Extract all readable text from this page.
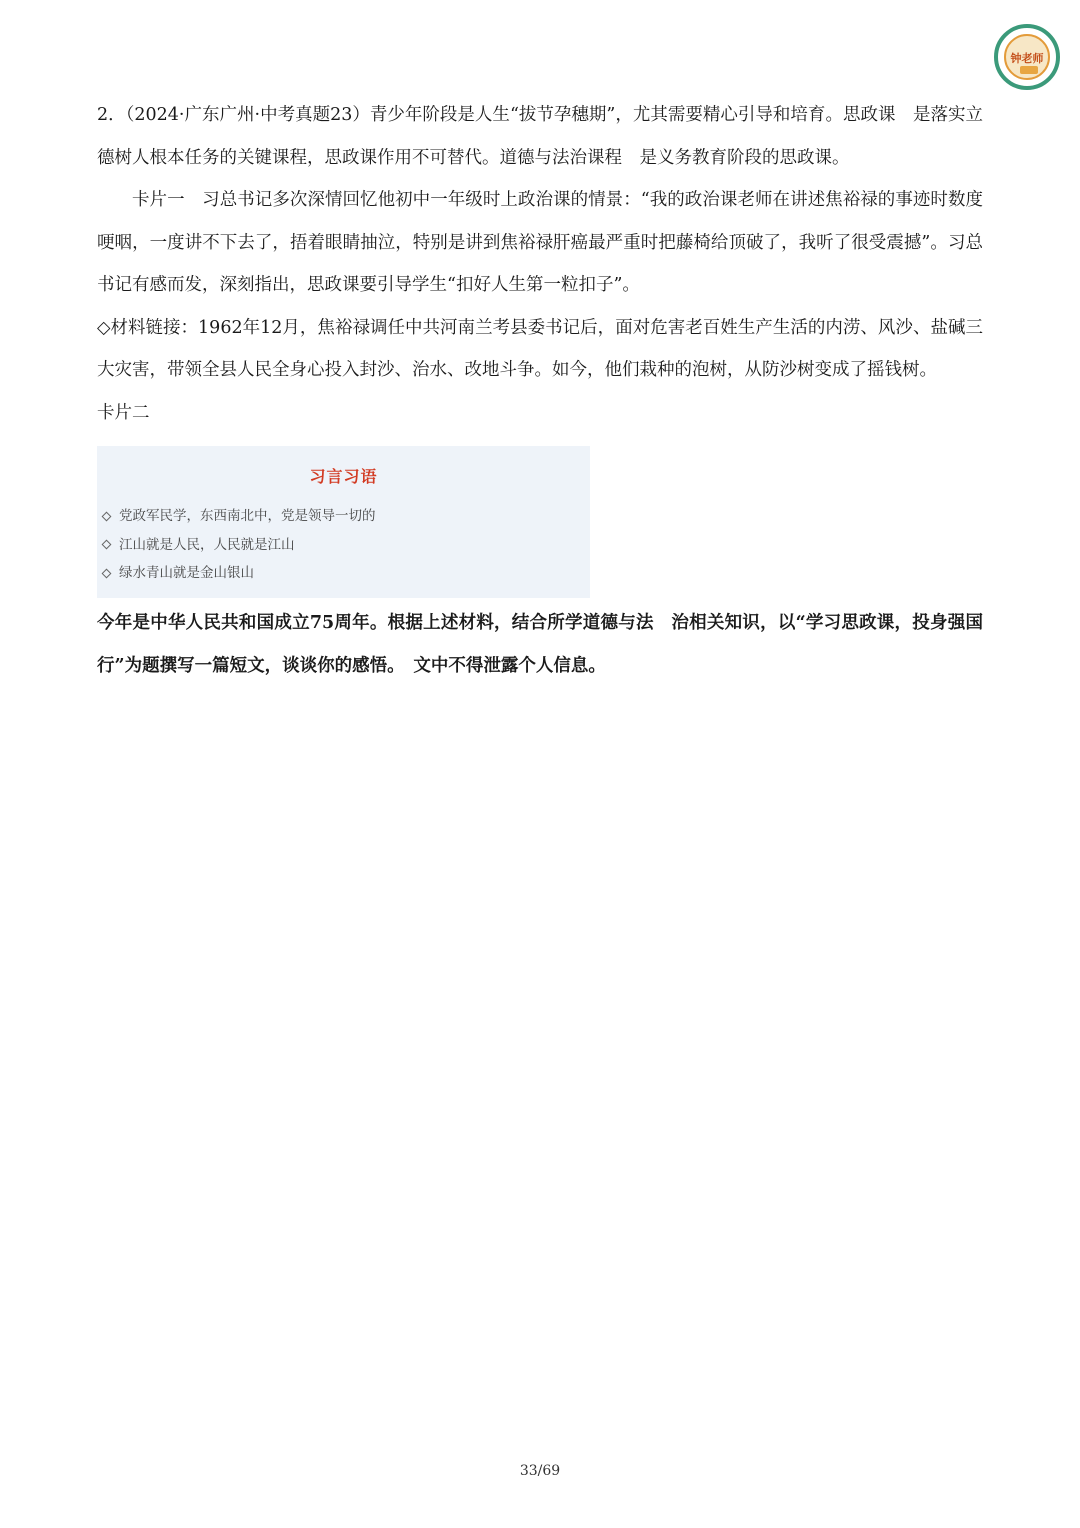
钟老师

2．（2024·广东广州·中考真题23）青少年阶段是人生“拔节孕穗期”，尤其需要精心引导和培育。思政课　是落实立德树人根本任务的关键课程，思政课作用不可替代。道德与法治课程　是义务教育阶段的思政课。

卡片一　习总书记多次深情回忆他初中一年级时上政治课的情景：“我的政治课老师在讲述焦裕禄的事迹时数度哽咽，一度讲不下去了，捂着眼睛抽泣，特别是讲到焦裕禄肝癌最严重时把藤椅给顶破了，我听了很受震撼”。习总书记有感而发，深刻指出，思政课要引导学生“扣好人生第一粒扣子”。

◇材料链接：1962年12月，焦裕禄调任中共河南兰考县委书记后，面对危害老百姓生产生活的内涝、风沙、盐碱三大灾害，带领全县人民全身心投入封沙、治水、改地斗争。如今，他们栽种的泡树，从防沙树变成了摇钱树。

卡片二

习言习语
党政军民学，东西南北中，党是领导一切的
江山就是人民，人民就是江山
绿水青山就是金山银山

今年是中华人民共和国成立75周年。根据上述材料，结合所学道德与法　治相关知识，以“学习思政课，投身强国行”为题撰写一篇短文，谈谈你的感悟。　文中不得泄露个人信息。

33/69
